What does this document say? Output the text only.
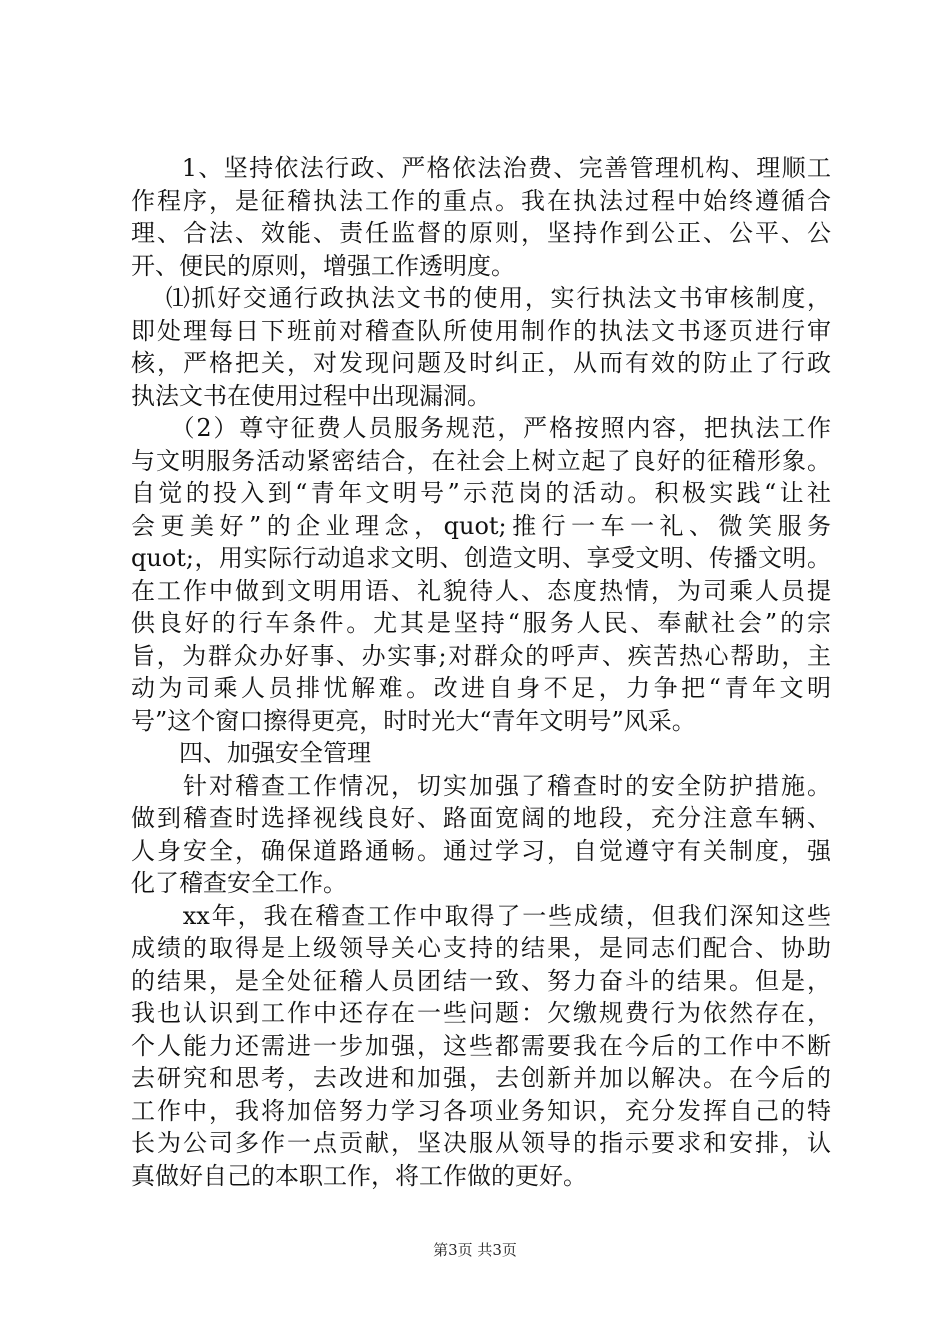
　　1、坚持依法行政、严格依法治费、完善管理机构、理顺工
作程序，是征稽执法工作的重点。我在执法过程中始终遵循合
理、合法、效能、责任监督的原则，坚持作到公正、公平、公
开、便民的原则，增强工作透明度。
　 ⑴抓好交通行政执法文书的使用，实行执法文书审核制度，
即处理每日下班前对稽查队所使用制作的执法文书逐页进行审
核，严格把关，对发现问题及时纠正，从而有效的防止了行政
执法文书在使用过程中出现漏洞。
　　（2）尊守征费人员服务规范，严格按照内容，把执法工作
与文明服务活动紧密结合，在社会上树立起了良好的征稽形象。
自觉的投入到“青年文明号”示范岗的活动。积极实践“让社
会更美好”的企业理念，quot;推行一车一礼、微笑服务
quot;，用实际行动追求文明、创造文明、享受文明、传播文明。
在工作中做到文明用语、礼貌待人、态度热情，为司乘人员提
供良好的行车条件。尤其是坚持“服务人民、奉献社会”的宗
旨，为群众办好事、办实事;对群众的呼声、疾苦热心帮助，主
动为司乘人员排忧解难。改进自身不足，力争把“青年文明
号”这个窗口擦得更亮，时时光大“青年文明号”风采。
　　四、加强安全管理
　　针对稽查工作情况，切实加强了稽查时的安全防护措施。
做到稽查时选择视线良好、路面宽阔的地段，充分注意车辆、
人身安全，确保道路通畅。通过学习，自觉遵守有关制度，强
化了稽查安全工作。
　　xx年，我在稽查工作中取得了一些成绩，但我们深知这些
成绩的取得是上级领导关心支持的结果，是同志们配合、协助
的结果，是全处征稽人员团结一致、努力奋斗的结果。但是，
我也认识到工作中还存在一些问题：欠缴规费行为依然存在，
个人能力还需进一步加强，这些都需要我在今后的工作中不断
去研究和思考，去改进和加强，去创新并加以解决。在今后的
工作中，我将加倍努力学习各项业务知识，充分发挥自己的特
长为公司多作一点贡献，坚决服从领导的指示要求和安排，认
真做好自己的本职工作，将工作做的更好。
第3页 共3页
